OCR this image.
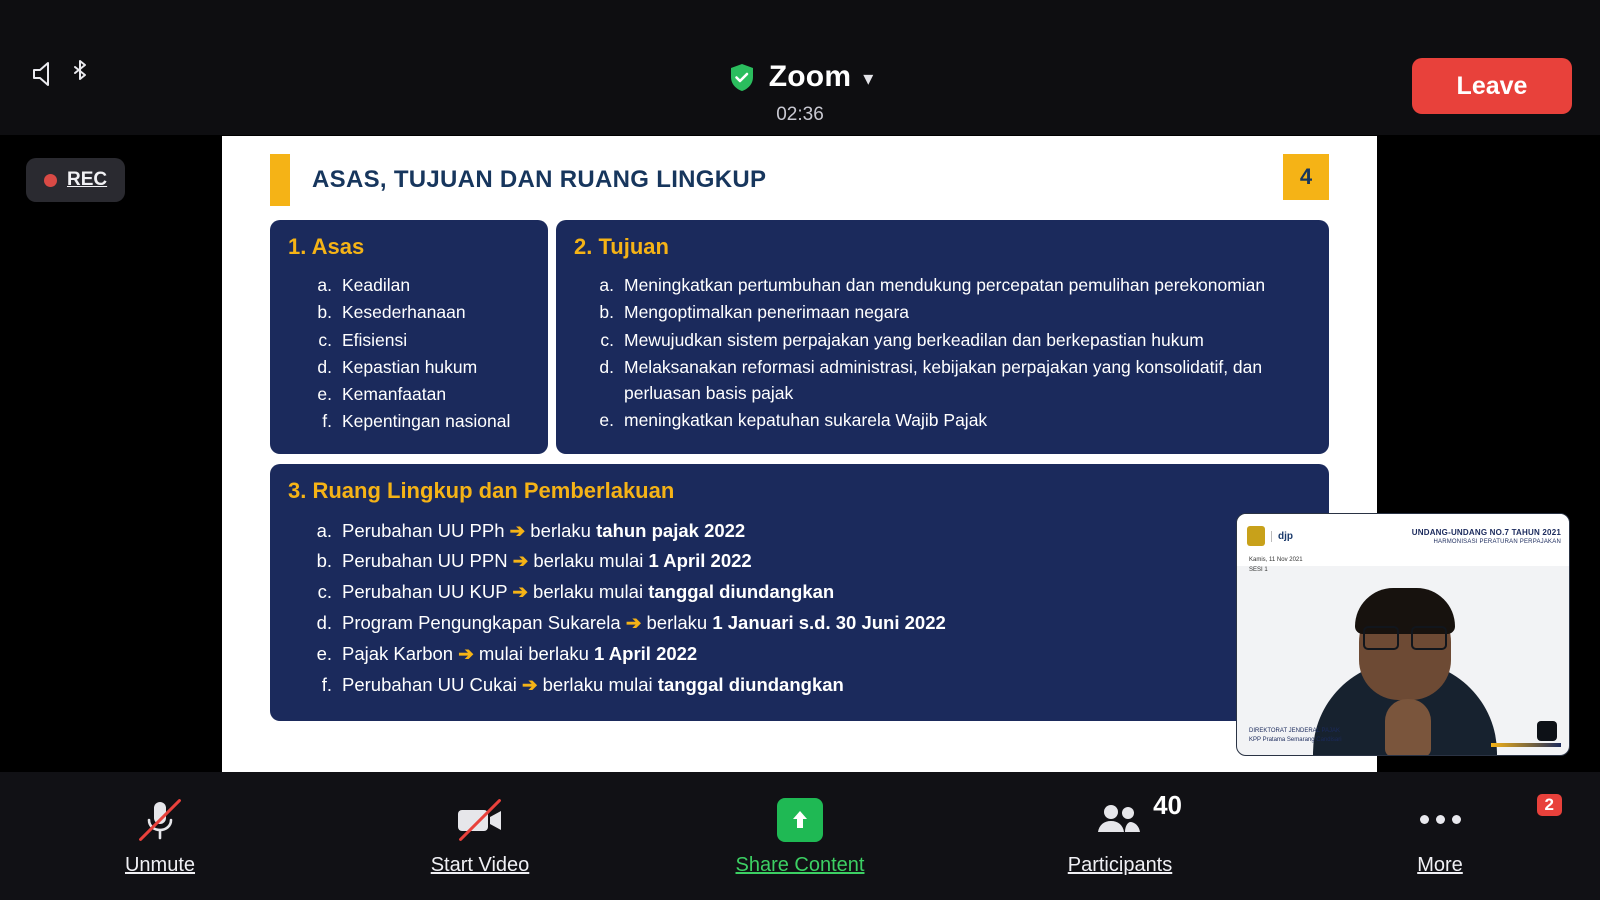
Zoom ▾
02:36
Leave
REC	ASAS, TUJUAN DAN RUANG LINGKUP	4
1. Asas
a. Keadilan
b. Kesederhanaan
c. Efisiensi
d. Kepastian hukum
e. Kemanfaatan
f. Kepentingan nasional
2. Tujuan
a. Meningkatkan pertumbuhan dan mendukung percepatan pemulihan perekonomian
b. Mengoptimalkan penerimaan negara
c. Mewujudkan sistem perpajakan yang berkeadilan dan berkepastian hukum
d. Melaksanakan reformasi administrasi, kebijakan perpajakan yang konsolidatif, dan perluasan basis pajak
e. meningkatkan kepatuhan sukarela Wajib Pajak
3. Ruang Lingkup dan Pemberlakuan
a. Perubahan UU PPh ➔ berlaku tahun pajak 2022
b. Perubahan UU PPN ➔ berlaku mulai 1 April 2022
c. Perubahan UU KUP ➔ berlaku mulai tanggal diundangkan
d. Program Pengungkapan Sukarela ➔ berlaku 1 Januari s.d. 30 Juni 2022
e. Pajak Karbon ➔ mulai berlaku 1 April 2022
f. Perubahan UU Cukai ➔ berlaku mulai tanggal diundangkan
djp	UNDANG-UNDANG NO.7 TAHUN 2021
HARMONISASI PERATURAN PERPAJAKAN
Kamis, 11 Nov 2021
SESI 1
DIREKTORAT JENDERAL PAJAK
KPP Pratama Semarang Candisari
Unmute	Start Video	Share Content
40
Participants
2
More
